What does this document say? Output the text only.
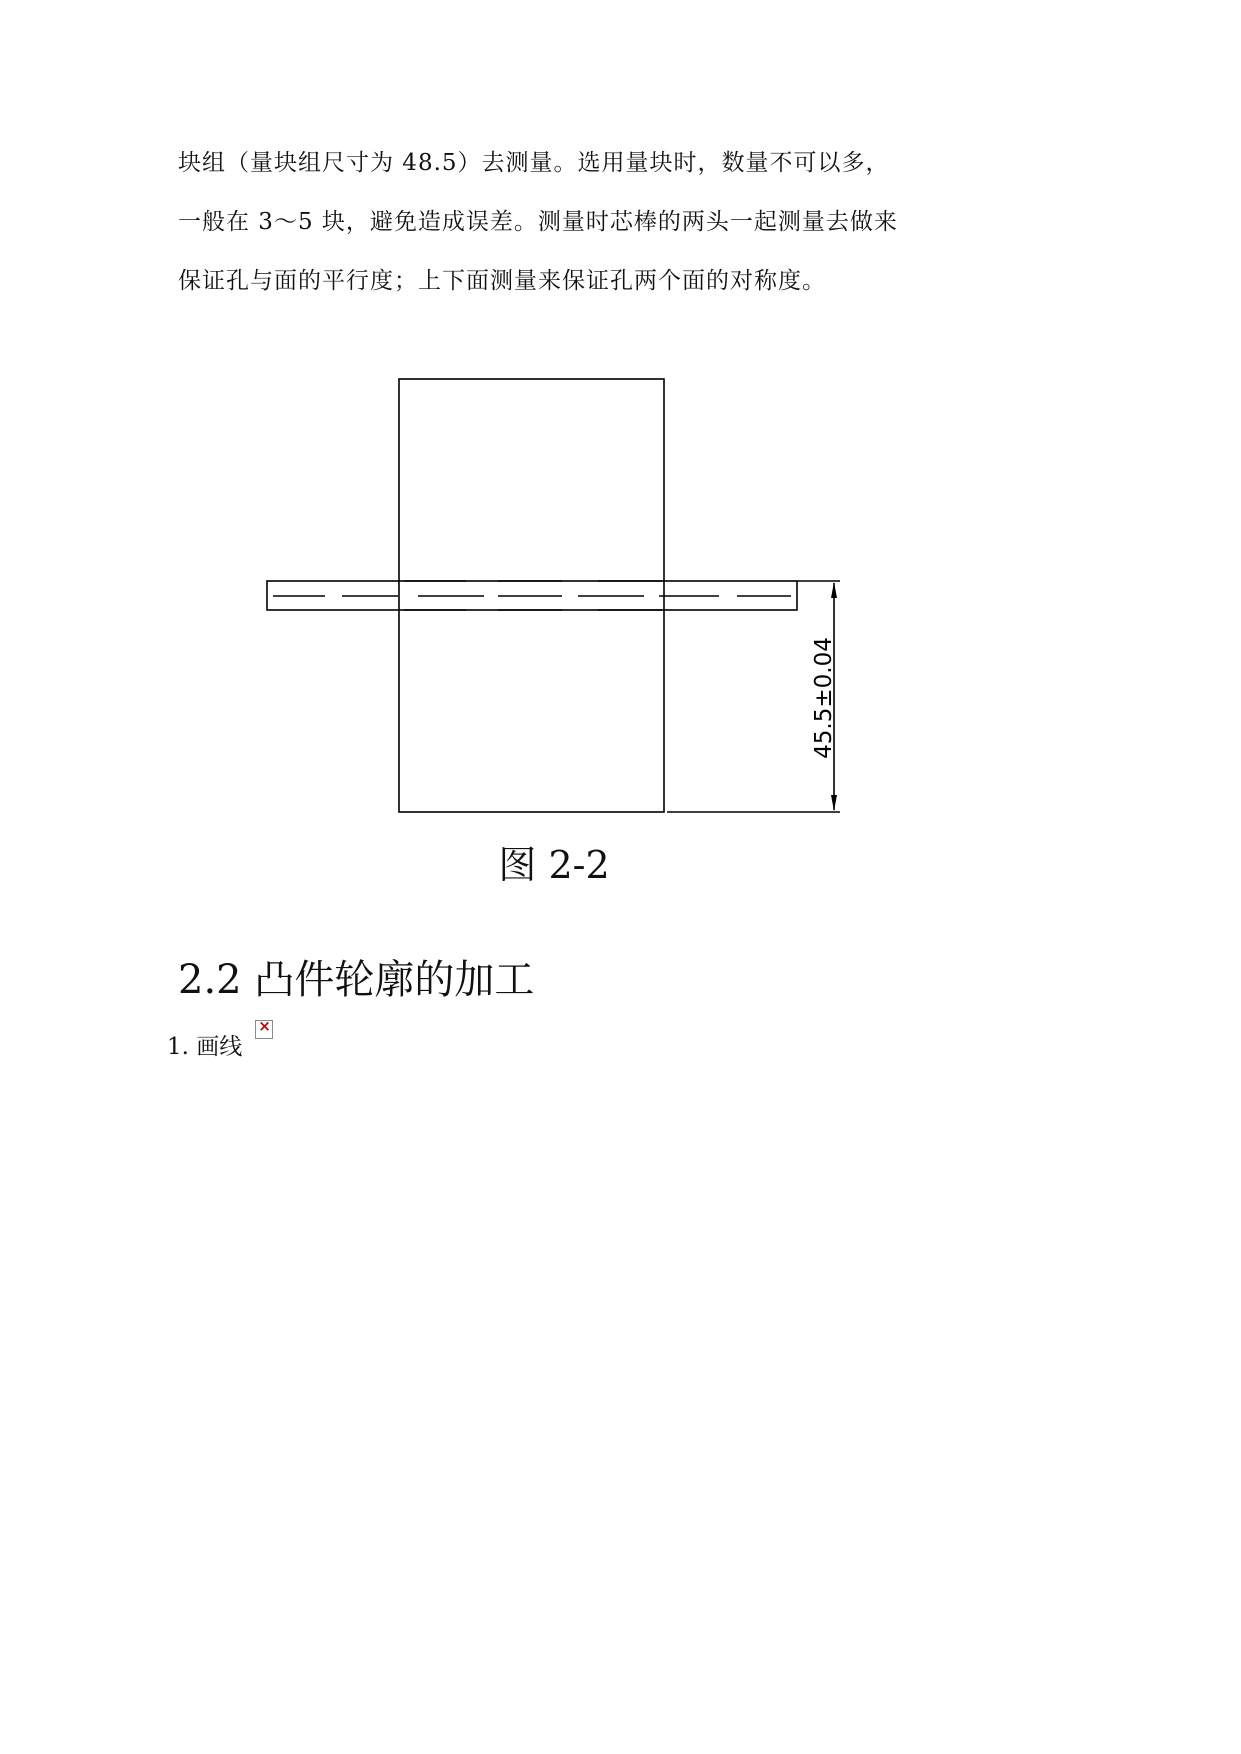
块组（量块组尺寸为 48.5）去测量。选用量块时，数量不可以多，
一般在 3～5 块，避免造成误差。测量时芯棒的两头一起测量去做来
保证孔与面的平行度；上下面测量来保证孔两个面的对称度。

45.5±0.04
图 2-2
2.2 凸件轮廓的加工
1. 画线
×
